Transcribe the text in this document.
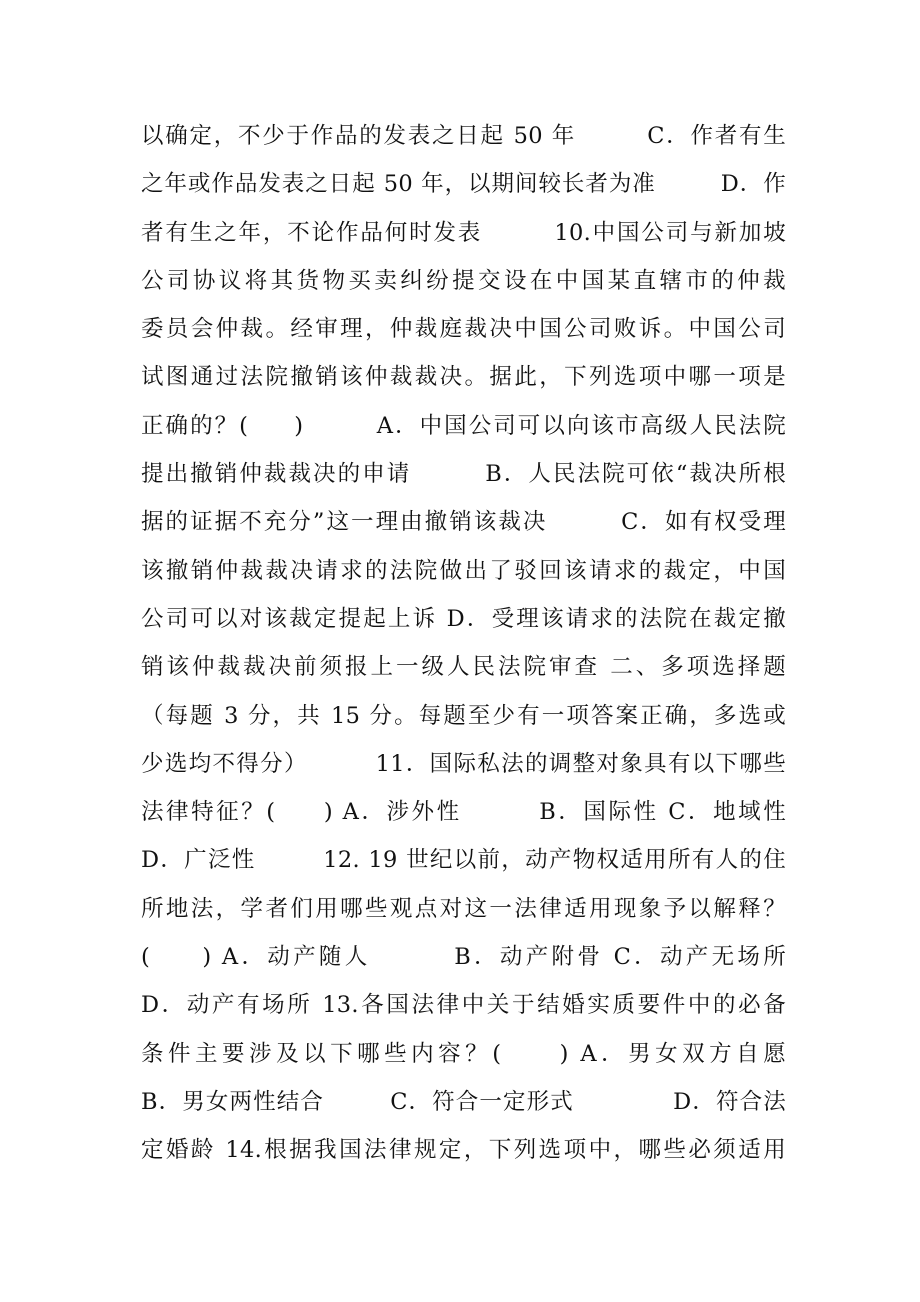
以确定，不少于作品的发表之日起 50 年        C．作者有生
之年或作品发表之日起 50 年，以期间较长者为准        D．作
者有生之年，不论作品何时发表        10.中国公司与新加坡
公司协议将其货物买卖纠纷提交设在中国某直辖市的仲裁
委员会仲裁。经审理，仲裁庭裁决中国公司败诉。中国公司
试图通过法院撤销该仲裁裁决。据此，下列选项中哪一项是
正确的？(     )        A．中国公司可以向该市高级人民法院
提出撤销仲裁裁决的申请        B．人民法院可依“裁决所根
据的证据不充分”这一理由撤销该裁决        C．如有权受理
该撤销仲裁裁决请求的法院做出了驳回该请求的裁定，中国
公司可以对该裁定提起上诉 D．受理该请求的法院在裁定撤
销该仲裁裁决前须报上一级人民法院审查 二、多项选择题
（每题 3 分，共 15 分。每题至少有一项答案正确，多选或
少选均不得分）        11．国际私法的调整对象具有以下哪些
法律特征？(     ) A．涉外性        B．国际性 C．地域性
D．广泛性        12. 19 世纪以前，动产物权适用所有人的住
所地法，学者们用哪些观点对这一法律适用现象予以解释？
(     ) A．动产随人        B．动产附骨 C．动产无场所
D．动产有场所 13.各国法律中关于结婚实质要件中的必备
条件主要涉及以下哪些内容？(     ) A．男女双方自愿
B．男女两性结合        C．符合一定形式            D．符合法
定婚龄 14.根据我国法律规定，下列选项中，哪些必须适用
